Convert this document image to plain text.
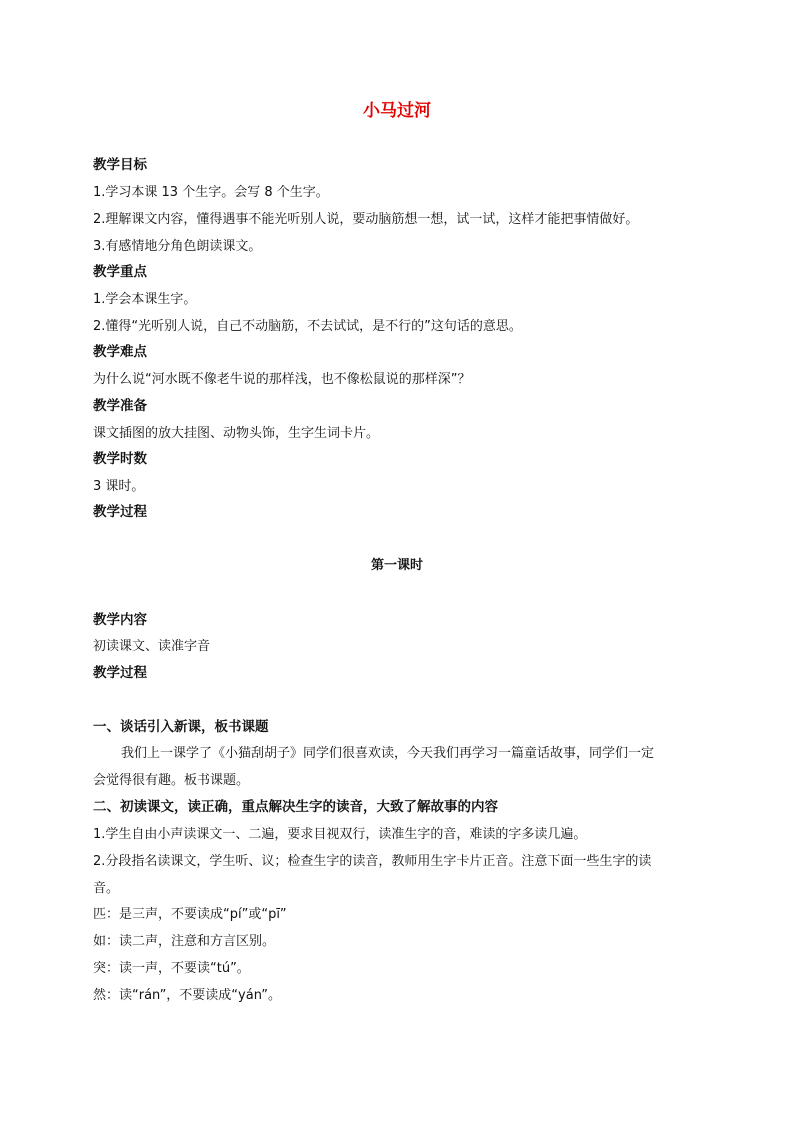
小马过河
教学目标
1.学习本课 13 个生字。会写 8 个生字。
2.理解课文内容，懂得遇事不能光听别人说，要动脑筋想一想，试一试，这样才能把事情做好。
3.有感情地分角色朗读课文。
教学重点
1.学会本课生字。
2.懂得“光听别人说，自己不动脑筋，不去试试，是不行的”这句话的意思。
教学难点
为什么说“河水既不像老牛说的那样浅，也不像松鼠说的那样深”？
教学准备
课文插图的放大挂图、动物头饰，生字生词卡片。
教学时数
3 课时。
教学过程
第一课时
教学内容
初读课文、读准字音
教学过程
一、谈话引入新课，板书课题
我们上一课学了《小猫刮胡子》同学们很喜欢读，今天我们再学习一篇童话故事，同学们一定
会觉得很有趣。板书课题。
二、初读课文，读正确，重点解决生字的读音，大致了解故事的内容
1.学生自由小声读课文一、二遍，要求目视双行，读准生字的音，难读的字多读几遍。
2.分段指名读课文，学生听、议；检查生字的读音，教师用生字卡片正音。注意下面一些生字的读
音。
匹：是三声，不要读成“pí”或“pī”
如：读二声，注意和方言区别。
突：读一声，不要读“tú”。
然：读“rán”，不要读成“yán”。
